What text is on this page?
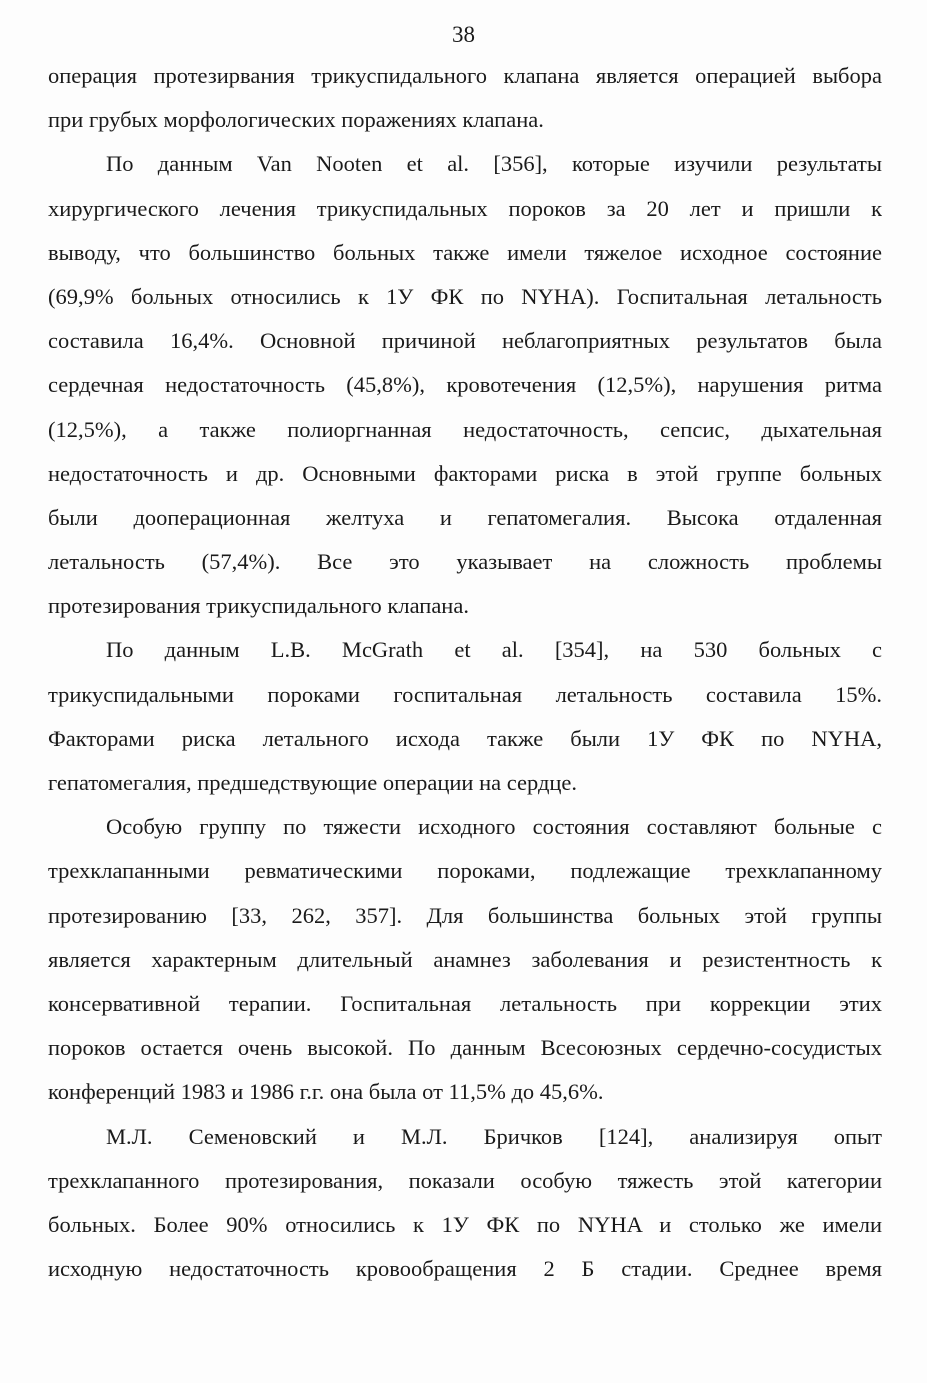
38
операция протезирвания трикуспидального клапана является операцией выбора
при грубых морфологических поражениях клапана.
По данным Van Nooten et al. [356], которые изучили результаты
хирургического лечения трикуспидальных пороков за 20 лет и пришли к
выводу, что большинство больных также имели тяжелое исходное состояние
(69,9% больных относились к 1У ФК по NYHA). Госпитальная летальность
составила 16,4%. Основной причиной неблагоприятных результатов была
сердечная недостаточность (45,8%), кровотечения (12,5%), нарушения ритма
(12,5%), а также полиоргнанная недостаточность, сепсис, дыхательная
недостаточность и др. Основными факторами риска в этой группе больных
были дооперационная желтуха и гепатомегалия. Высока отдаленная
летальность (57,4%). Все это указывает на сложность проблемы
протезирования трикуспидального клапана.
По данным L.B. McGrath et al. [354], на 530 больных с
трикуспидальными пороками госпитальная летальность составила 15%.
Факторами риска летального исхода также были 1У ФК по NYHA,
гепатомегалия, предшедствующие операции на сердце.
Особую группу по тяжести исходного состояния составляют больные с
трехклапанными ревматическими пороками, подлежащие трехклапанному
протезированию [33, 262, 357]. Для большинства больных этой группы
является характерным длительный анамнез заболевания и резистентность к
консервативной терапии. Госпитальная летальность при коррекции этих
пороков остается очень высокой. По данным Всесоюзных сердечно-сосудистых
конференций 1983 и 1986 г.г. она была от 11,5% до 45,6%.
М.Л. Семеновский и М.Л. Бричков [124], анализируя опыт
трехклапанного протезирования, показали особую тяжесть этой категории
больных. Более 90% относились к 1У ФК по NYHA и столько же имели
исходную недостаточность кровообращения 2 Б стадии. Среднее время
